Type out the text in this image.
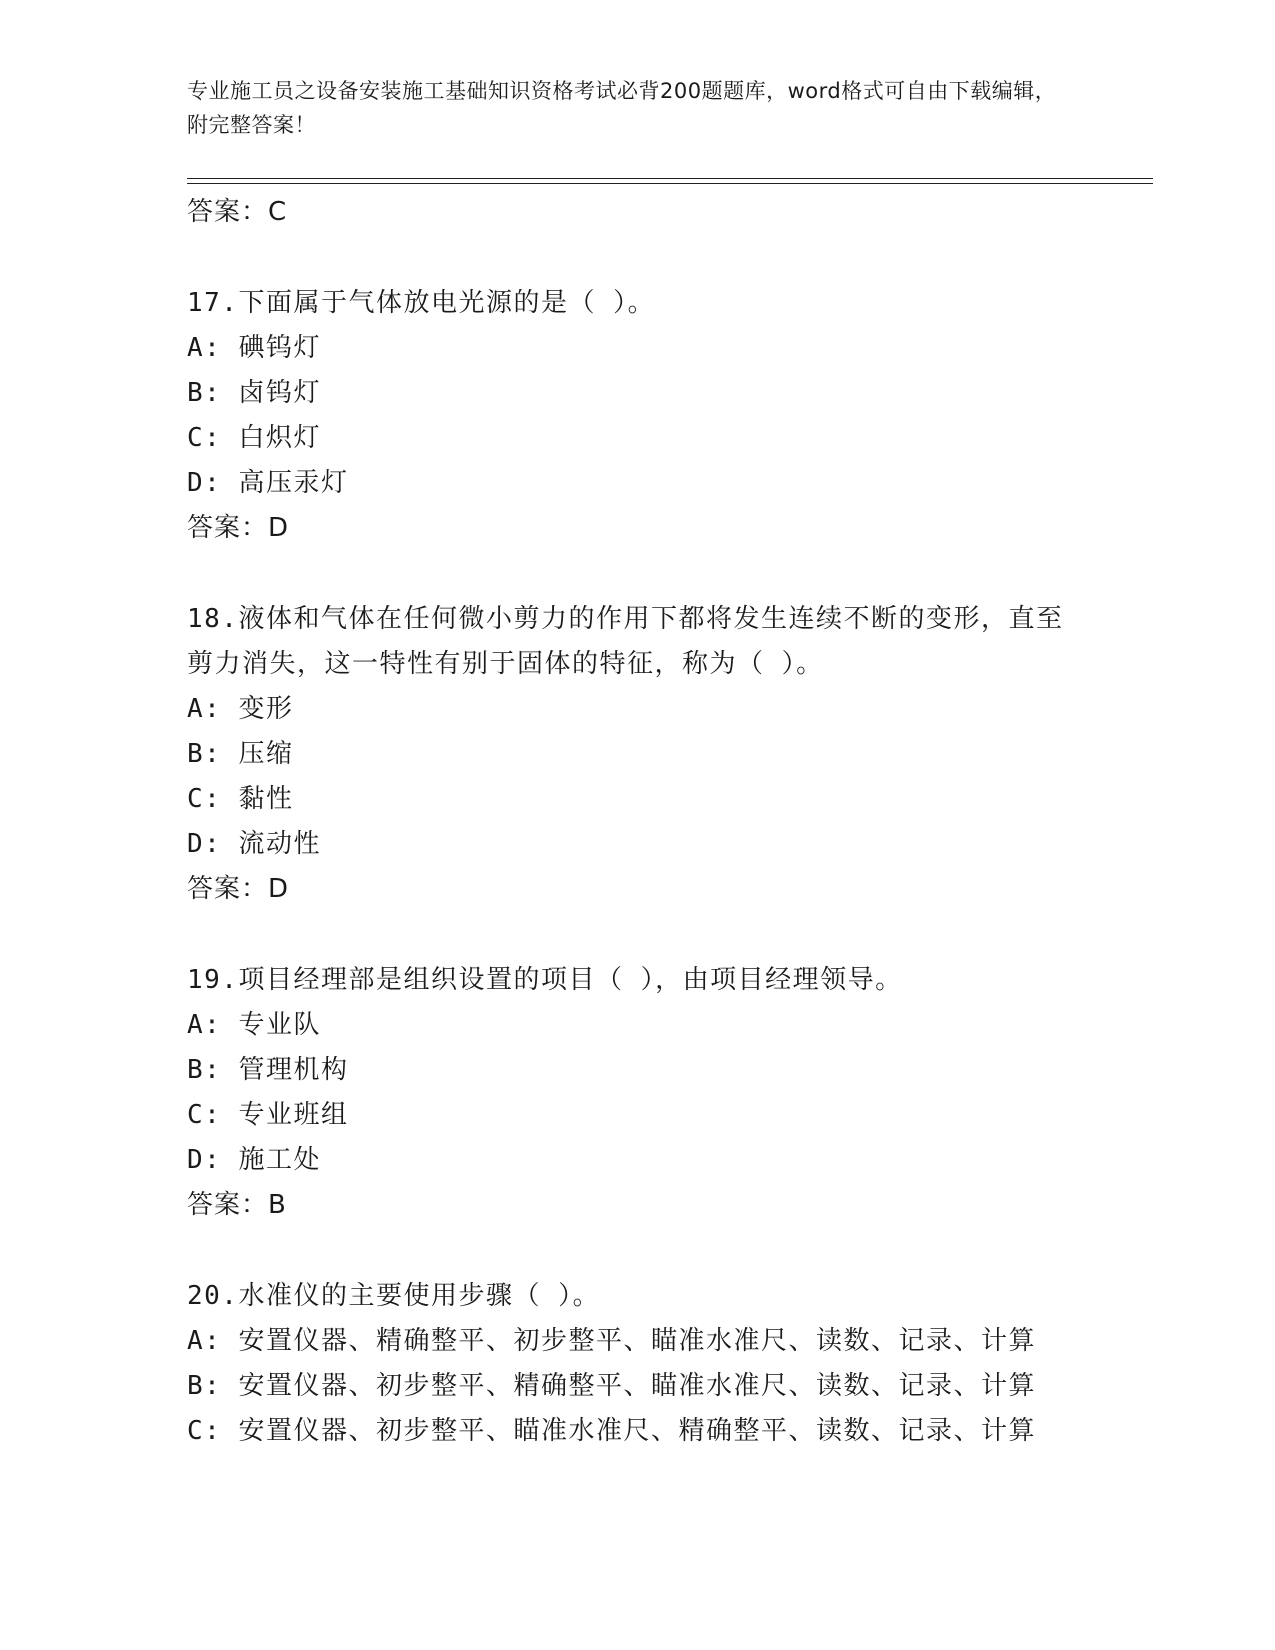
专业施工员之设备安装施工基础知识资格考试必背200题题库，word格式可自由下载编辑，附完整答案！
答案：C
17.下面属于气体放电光源的是（ ）。
A: 碘钨灯
B: 卤钨灯
C: 白炽灯
D: 高压汞灯
答案：D
18.液体和气体在任何微小剪力的作用下都将发生连续不断的变形，直至剪力消失，这一特性有别于固体的特征，称为（ ）。
A: 变形
B: 压缩
C: 黏性
D: 流动性
答案：D
19.项目经理部是组织设置的项目（ ），由项目经理领导。
A: 专业队
B: 管理机构
C: 专业班组
D: 施工处
答案：B
20.水准仪的主要使用步骤（ ）。
A: 安置仪器、精确整平、初步整平、瞄准水准尺、读数、记录、计算
B: 安置仪器、初步整平、精确整平、瞄准水准尺、读数、记录、计算
C: 安置仪器、初步整平、瞄准水准尺、精确整平、读数、记录、计算
